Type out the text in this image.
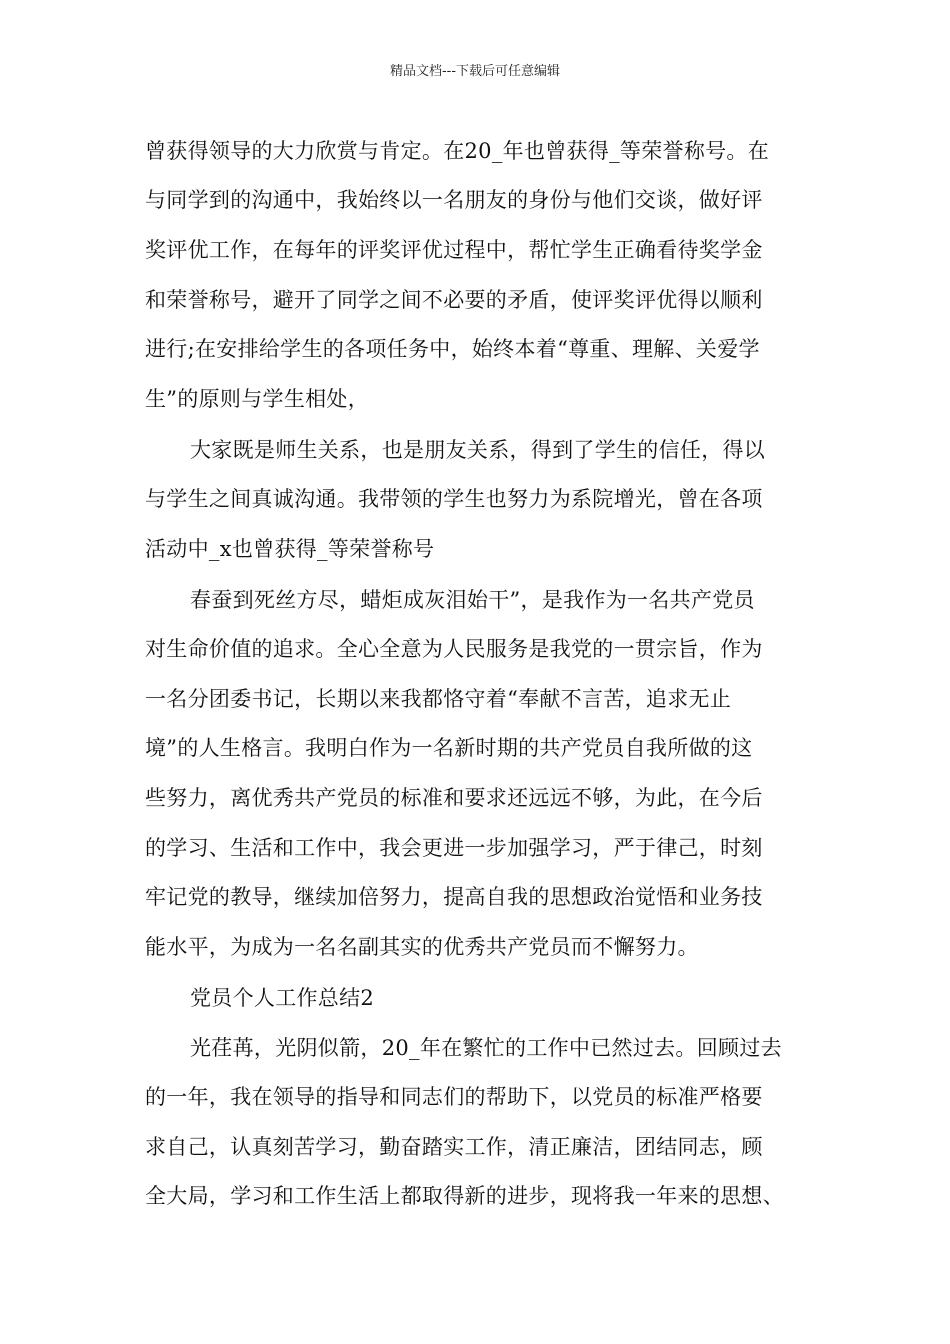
精品文档---下载后可任意编辑
曾获得领导的大力欣赏与肯定。在20_年也曾获得_等荣誉称号。在
与同学到的沟通中，我始终以一名朋友的身份与他们交谈，做好评
奖评优工作，在每年的评奖评优过程中，帮忙学生正确看待奖学金
和荣誉称号，避开了同学之间不必要的矛盾，使评奖评优得以顺利
进行;在安排给学生的各项任务中，始终本着“尊重、理解、关爱学
生”的原则与学生相处，
大家既是师生关系，也是朋友关系，得到了学生的信任，得以
与学生之间真诚沟通。我带领的学生也努力为系院增光，曾在各项
活动中_x也曾获得_等荣誉称号
春蚕到死丝方尽，蜡炬成灰泪始干”，是我作为一名共产党员
对生命价值的追求。全心全意为人民服务是我党的一贯宗旨，作为
一名分团委书记，长期以来我都恪守着“奉献不言苦，追求无止
境”的人生格言。我明白作为一名新时期的共产党员自我所做的这
些努力，离优秀共产党员的标准和要求还远远不够，为此，在今后
的学习、生活和工作中，我会更进一步加强学习，严于律己，时刻
牢记党的教导，继续加倍努力，提高自我的思想政治觉悟和业务技
能水平，为成为一名名副其实的优秀共产党员而不懈努力。
党员个人工作总结2
光荏苒，光阴似箭，20_年在繁忙的工作中已然过去。回顾过去
的一年，我在领导的指导和同志们的帮助下，以党员的标准严格要
求自己，认真刻苦学习，勤奋踏实工作，清正廉洁，团结同志，顾
全大局，学习和工作生活上都取得新的进步，现将我一年来的思想、
